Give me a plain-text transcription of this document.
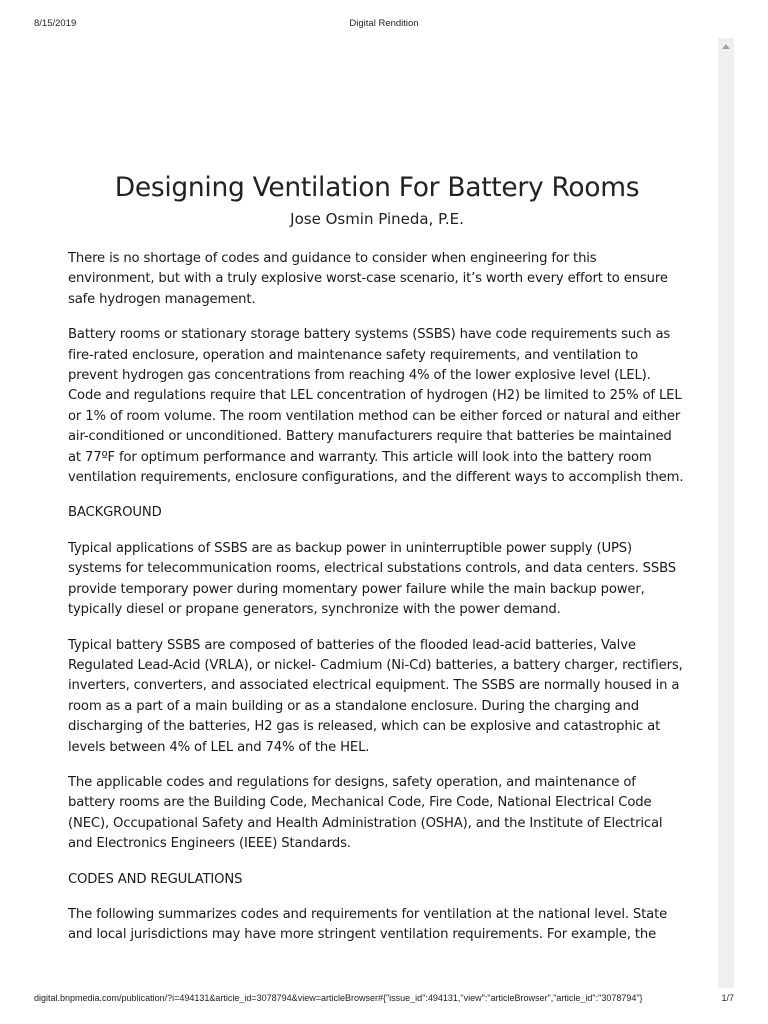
8/15/2019	Digital Rendition
Designing Ventilation For Battery Rooms
Jose Osmin Pineda, P.E.

There is no shortage of codes and guidance to consider when engineering for this environment, but with a truly explosive worst-case scenario, it’s worth every effort to ensure safe hydrogen management.

Battery rooms or stationary storage battery systems (SSBS) have code requirements such as fire-rated enclosure, operation and maintenance safety requirements, and ventilation to prevent hydrogen gas concentrations from reaching 4% of the lower explosive level (LEL). Code and regulations require that LEL concentration of hydrogen (H2) be limited to 25% of LEL or 1% of room volume. The room ventilation method can be either forced or natural and either air-conditioned or unconditioned. Battery manufacturers require that batteries be maintained at 77ºF for optimum performance and warranty. This article will look into the battery room ventilation requirements, enclosure configurations, and the different ways to accomplish them.

BACKGROUND

Typical applications of SSBS are as backup power in uninterruptible power supply (UPS) systems for telecommunication rooms, electrical substations controls, and data centers. SSBS provide temporary power during momentary power failure while the main backup power, typically diesel or propane generators, synchronize with the power demand.

Typical battery SSBS are composed of batteries of the flooded lead-acid batteries, Valve Regulated Lead-Acid (VRLA), or nickel- Cadmium (Ni-Cd) batteries, a battery charger, rectifiers, inverters, converters, and associated electrical equipment. The SSBS are normally housed in a room as a part of a main building or as a standalone enclosure. During the charging and discharging of the batteries, H2 gas is released, which can be explosive and catastrophic at levels between 4% of LEL and 74% of the HEL.

The applicable codes and regulations for designs, safety operation, and maintenance of battery rooms are the Building Code, Mechanical Code, Fire Code, National Electrical Code (NEC), Occupational Safety and Health Administration (OSHA), and the Institute of Electrical and Electronics Engineers (IEEE) Standards.

CODES AND REGULATIONS

The following summarizes codes and requirements for ventilation at the national level. State and local jurisdictions may have more stringent ventilation requirements. For example, the

digital.bnpmedia.com/publication/?i=494131&article_id=3078794&view=articleBrowser#{"issue_id":494131,"view":"articleBrowser","article_id":"3078794"}	1/7
